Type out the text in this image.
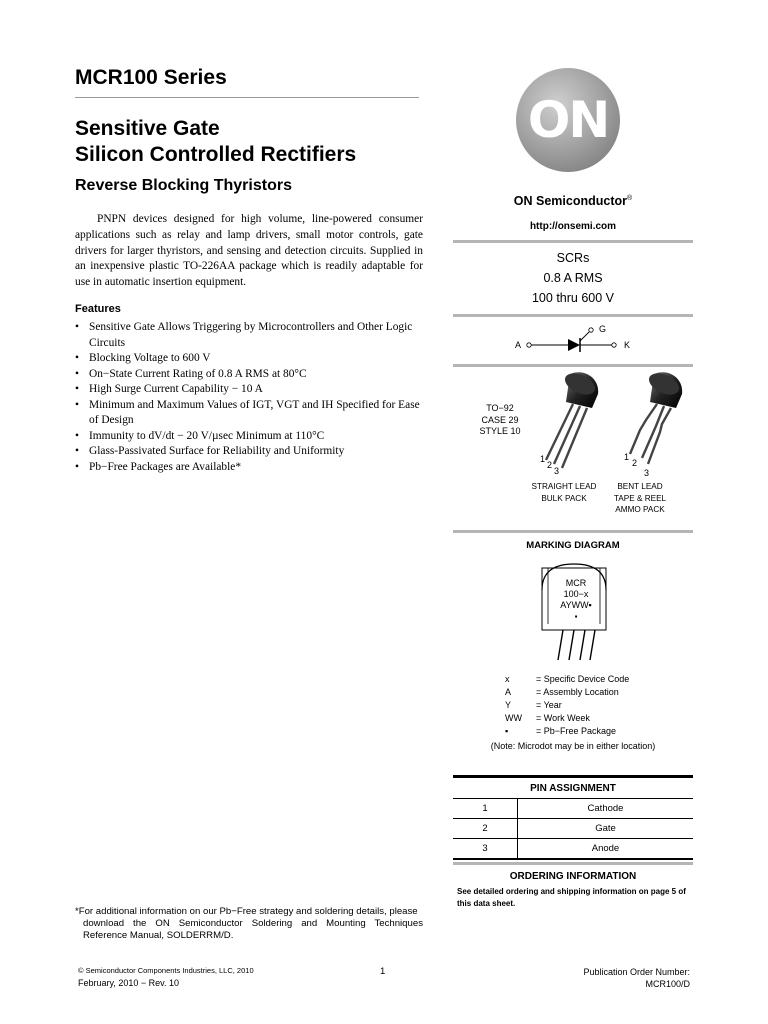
MCR100 Series
Sensitive Gate
Silicon Controlled Rectifiers
Reverse Blocking Thyristors
PNPN devices designed for high volume, line-powered consumer applications such as relay and lamp drivers, small motor controls, gate drivers for larger thyristors, and sensing and detection circuits. Supplied in an inexpensive plastic TO-226AA package which is readily adaptable for use in automatic insertion equipment.
Features
• Sensitive Gate Allows Triggering by Microcontrollers and Other Logic Circuits
• Blocking Voltage to 600 V
• On−State Current Rating of 0.8 A RMS at 80°C
• High Surge Current Capability − 10 A
• Minimum and Maximum Values of IGT, VGT and IH Specified for Ease of Design
• Immunity to dV/dt − 20 V/µsec Minimum at 110°C
• Glass-Passivated Surface for Reliability and Uniformity
• Pb−Free Packages are Available*
*For additional information on our Pb−Free strategy and soldering details, please
download the ON Semiconductor Soldering and Mounting Techniques Reference Manual, SOLDERRM/D.
© Semiconductor Components Industries, LLC, 2010
February, 2010 − Rev. 10
1	Publication Order Number:
MCR100/D
ON
ON Semiconductor®
http://onsemi.com
SCRs
0.8 A RMS
100 thru 600 V
A	K
G
TO−92
CASE 29
STYLE 10
1
2
3
1
2
3
STRAIGHT LEAD
BULK PACK
BENT LEAD
TAPE & REEL
AMMO PACK
MARKING DIAGRAM
MCR
100−x
AYWW▪
▪
x	= Specific Device Code
A	= Assembly Location
Y	= Year
WW	= Work Week
▪	= Pb−Free Package
(Note: Microdot may be in either location)
PIN ASSIGNMENT	
1	Cathode
2	Gate
3	Anode
ORDERING INFORMATION
See detailed ordering and shipping information on page 5 of this data sheet.
